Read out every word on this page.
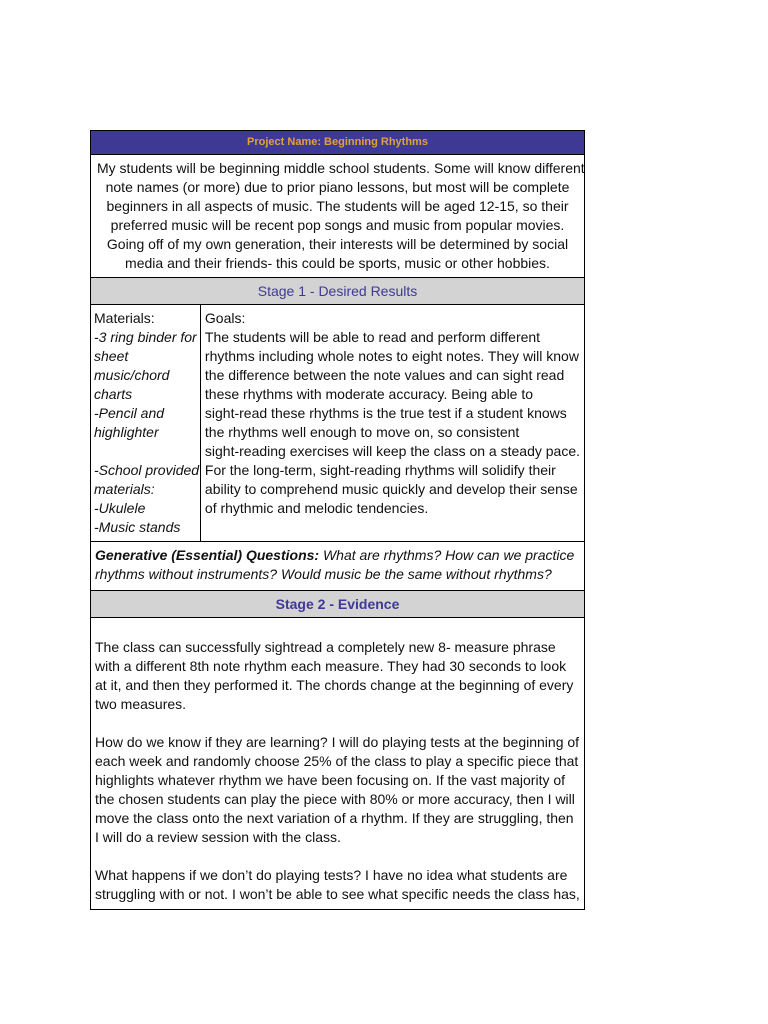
Project Name: Beginning Rhythms
My students will be beginning middle school students. Some will know different
note names (or more) due to prior piano lessons, but most will be complete
beginners in all aspects of music. The students will be aged 12-15, so their
preferred music will be recent pop songs and music from popular movies.
Going off of my own generation, their interests will be determined by social
media and their friends- this could be sports, music or other hobbies.
Stage 1 - Desired Results
Materials:
-3 ring binder for
sheet
music/chord
charts
-Pencil and
highlighter
-School provided
materials:
-Ukulele
-Music stands
Goals:
The students will be able to read and perform different
rhythms including whole notes to eight notes. They will know
the difference between the note values and can sight read
these rhythms with moderate accuracy. Being able to
sight-read these rhythms is the true test if a student knows
the rhythms well enough to move on, so consistent
sight-reading exercises will keep the class on a steady pace.
For the long-term, sight-reading rhythms will solidify their
ability to comprehend music quickly and develop their sense
of rhythmic and melodic tendencies.
Generative (Essential) Questions: What are rhythms? How can we practice rhythms without instruments? Would music be the same without rhythms?
Stage 2 - Evidence

The class can successfully sightread a completely new 8- measure phrase with a different 8th note rhythm each measure. They had 30 seconds to look at it, and then they performed it. The chords change at the beginning of every two measures.

How do we know if they are learning? I will do playing tests at the beginning of each week and randomly choose 25% of the class to play a specific piece that highlights whatever rhythm we have been focusing on. If the vast majority of the chosen students can play the piece with 80% or more accuracy, then I will move the class onto the next variation of a rhythm. If they are struggling, then I will do a review session with the class.

What happens if we don’t do playing tests? I have no idea what students are struggling with or not. I won’t be able to see what specific needs the class has,
